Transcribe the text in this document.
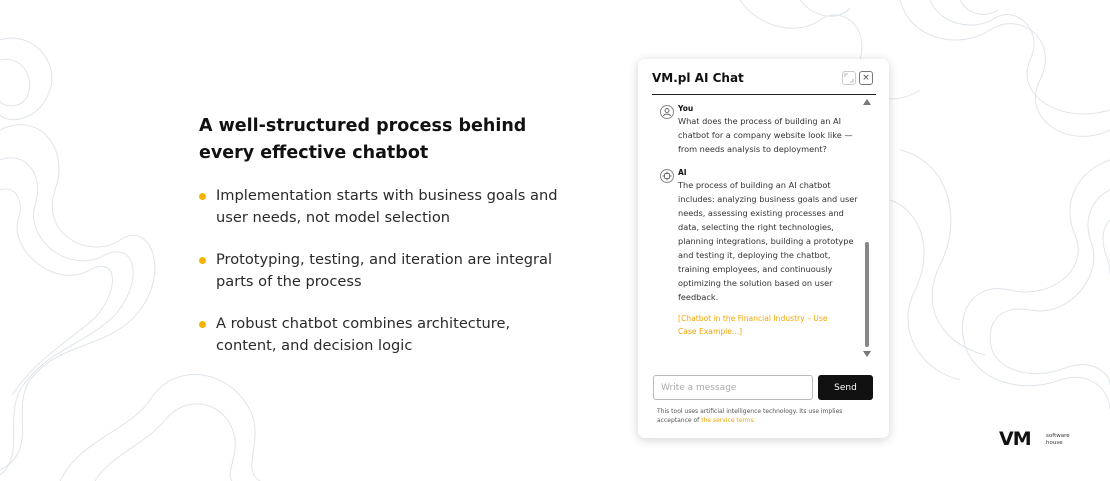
A well-structured process behind every effective chatbot
Implementation starts with business goals and user needs, not model selection
Prototyping, testing, and iteration are integral parts of the process
A robust chatbot combines architecture, content, and decision logic
VM.pl AI Chat	×
You
What does the process of building an AI chatbot for a company website look like — from needs analysis to deployment?
AI
The process of building an AI chatbot includes: analyzing business goals and user needs, assessing existing processes and data, selecting the right technologies, planning integrations, building a prototype and testing it, deploying the chatbot, training employees, and continuously optimizing the solution based on user feedback.
[Chatbot in the Financial Industry – Use Case Example...]
Write a message
Send
This tool uses artificial intelligence technology. Its use implies acceptance of the service terms
VM	software house
